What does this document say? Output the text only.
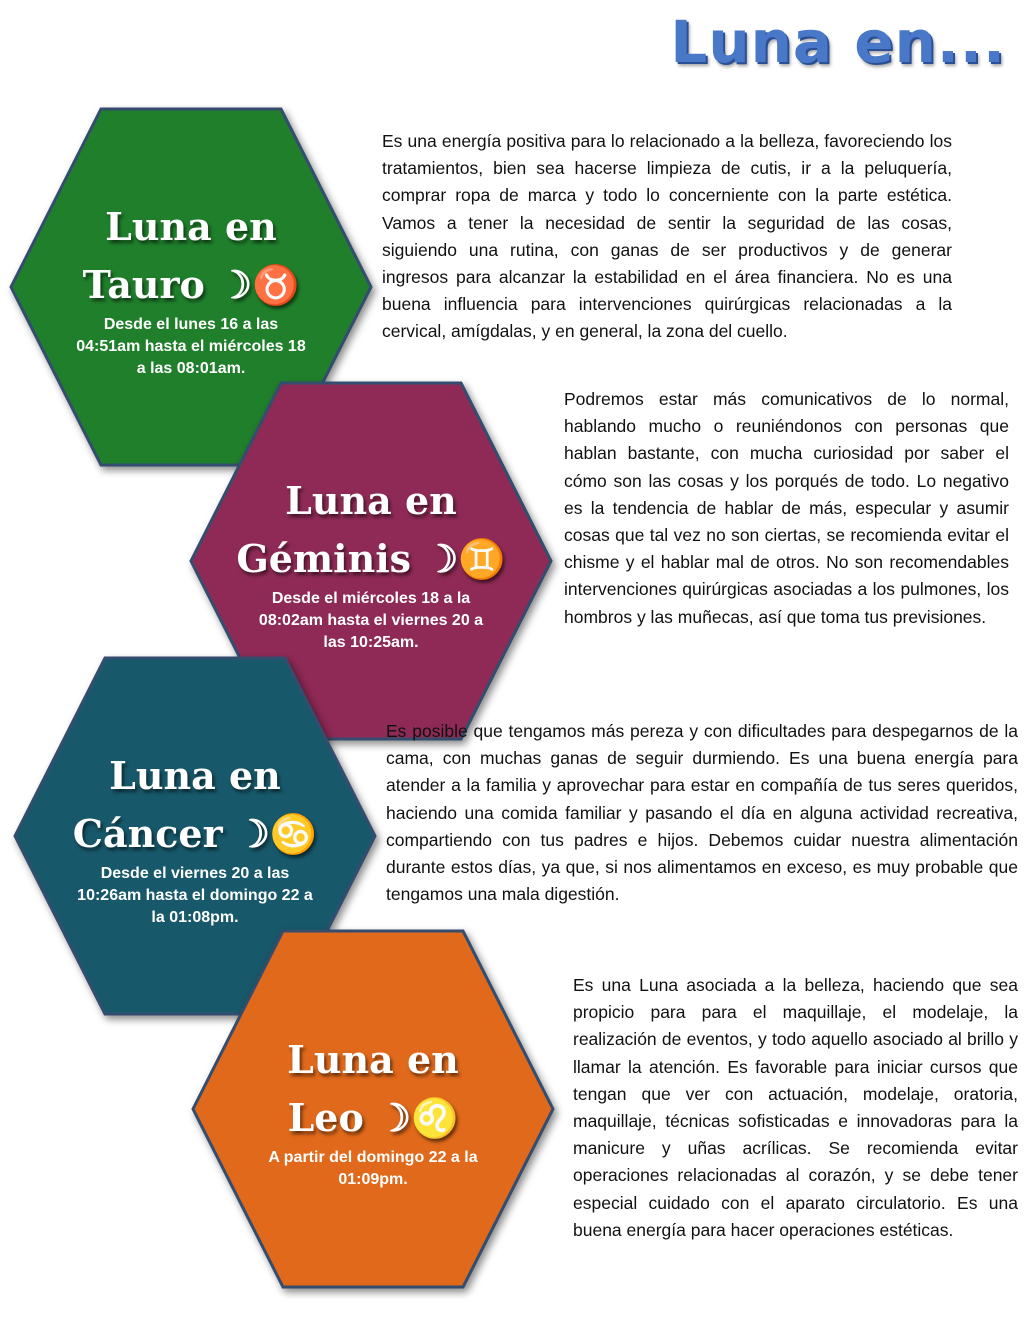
Luna en...
Luna en
Tauro ☽♉
Desde el lunes 16 a las 04:51am hasta el miércoles 18 a las 08:01am.
Luna en
Géminis ☽♊
Desde el miércoles 18 a la 08:02am hasta el viernes 20 a las 10:25am.
Luna en
Cáncer ☽♋
Desde el viernes 20 a las 10:26am hasta el domingo 22 a la 01:08pm.
Luna en
Leo ☽♌
A partir del domingo 22 a la 01:09pm.

Es una energía positiva para lo relacionado a la belleza, favoreciendo los tratamientos, bien sea hacerse limpieza de cutis, ir a la peluquería, comprar ropa de marca y todo lo concerniente con la parte estética. Vamos a tener la necesidad de sentir la seguridad de las cosas, siguiendo una rutina, con ganas de ser productivos y de generar ingresos para alcanzar la estabilidad en el área financiera. No es una buena influencia para intervenciones quirúrgicas relacionadas a la cervical, amígdalas, y en general, la zona del cuello.

Podremos estar más comunicativos de lo normal, hablando mucho o reuniéndonos con personas que hablan bastante, con mucha curiosidad por saber el cómo son las cosas y los porqués de todo. Lo negativo es la tendencia de hablar de más, especular y asumir cosas que tal vez no son ciertas, se recomienda evitar el chisme y el hablar mal de otros. No son recomendables intervenciones quirúrgicas asociadas a los pulmones, los hombros y las muñecas, así que toma tus previsiones.

Es posible que tengamos más pereza y con dificultades para despegarnos de la cama, con muchas ganas de seguir durmiendo. Es una buena energía para atender a la familia y aprovechar para estar en compañía de tus seres queridos, haciendo una comida familiar y pasando el día en alguna actividad recreativa, compartiendo con tus padres e hijos. Debemos cuidar nuestra alimentación durante estos días, ya que, si nos alimentamos en exceso, es muy probable que tengamos una mala digestión.

Es una Luna asociada a la belleza, haciendo que sea propicio para para el maquillaje, el modelaje, la realización de eventos, y todo aquello asociado al brillo y llamar la atención. Es favorable para iniciar cursos que tengan que ver con actuación, modelaje, oratoria, maquillaje, técnicas sofisticadas e innovadoras para la manicure y uñas acrílicas. Se recomienda evitar operaciones relacionadas al corazón, y se debe tener especial cuidado con el aparato circulatorio. Es una buena energía para hacer operaciones estéticas.
